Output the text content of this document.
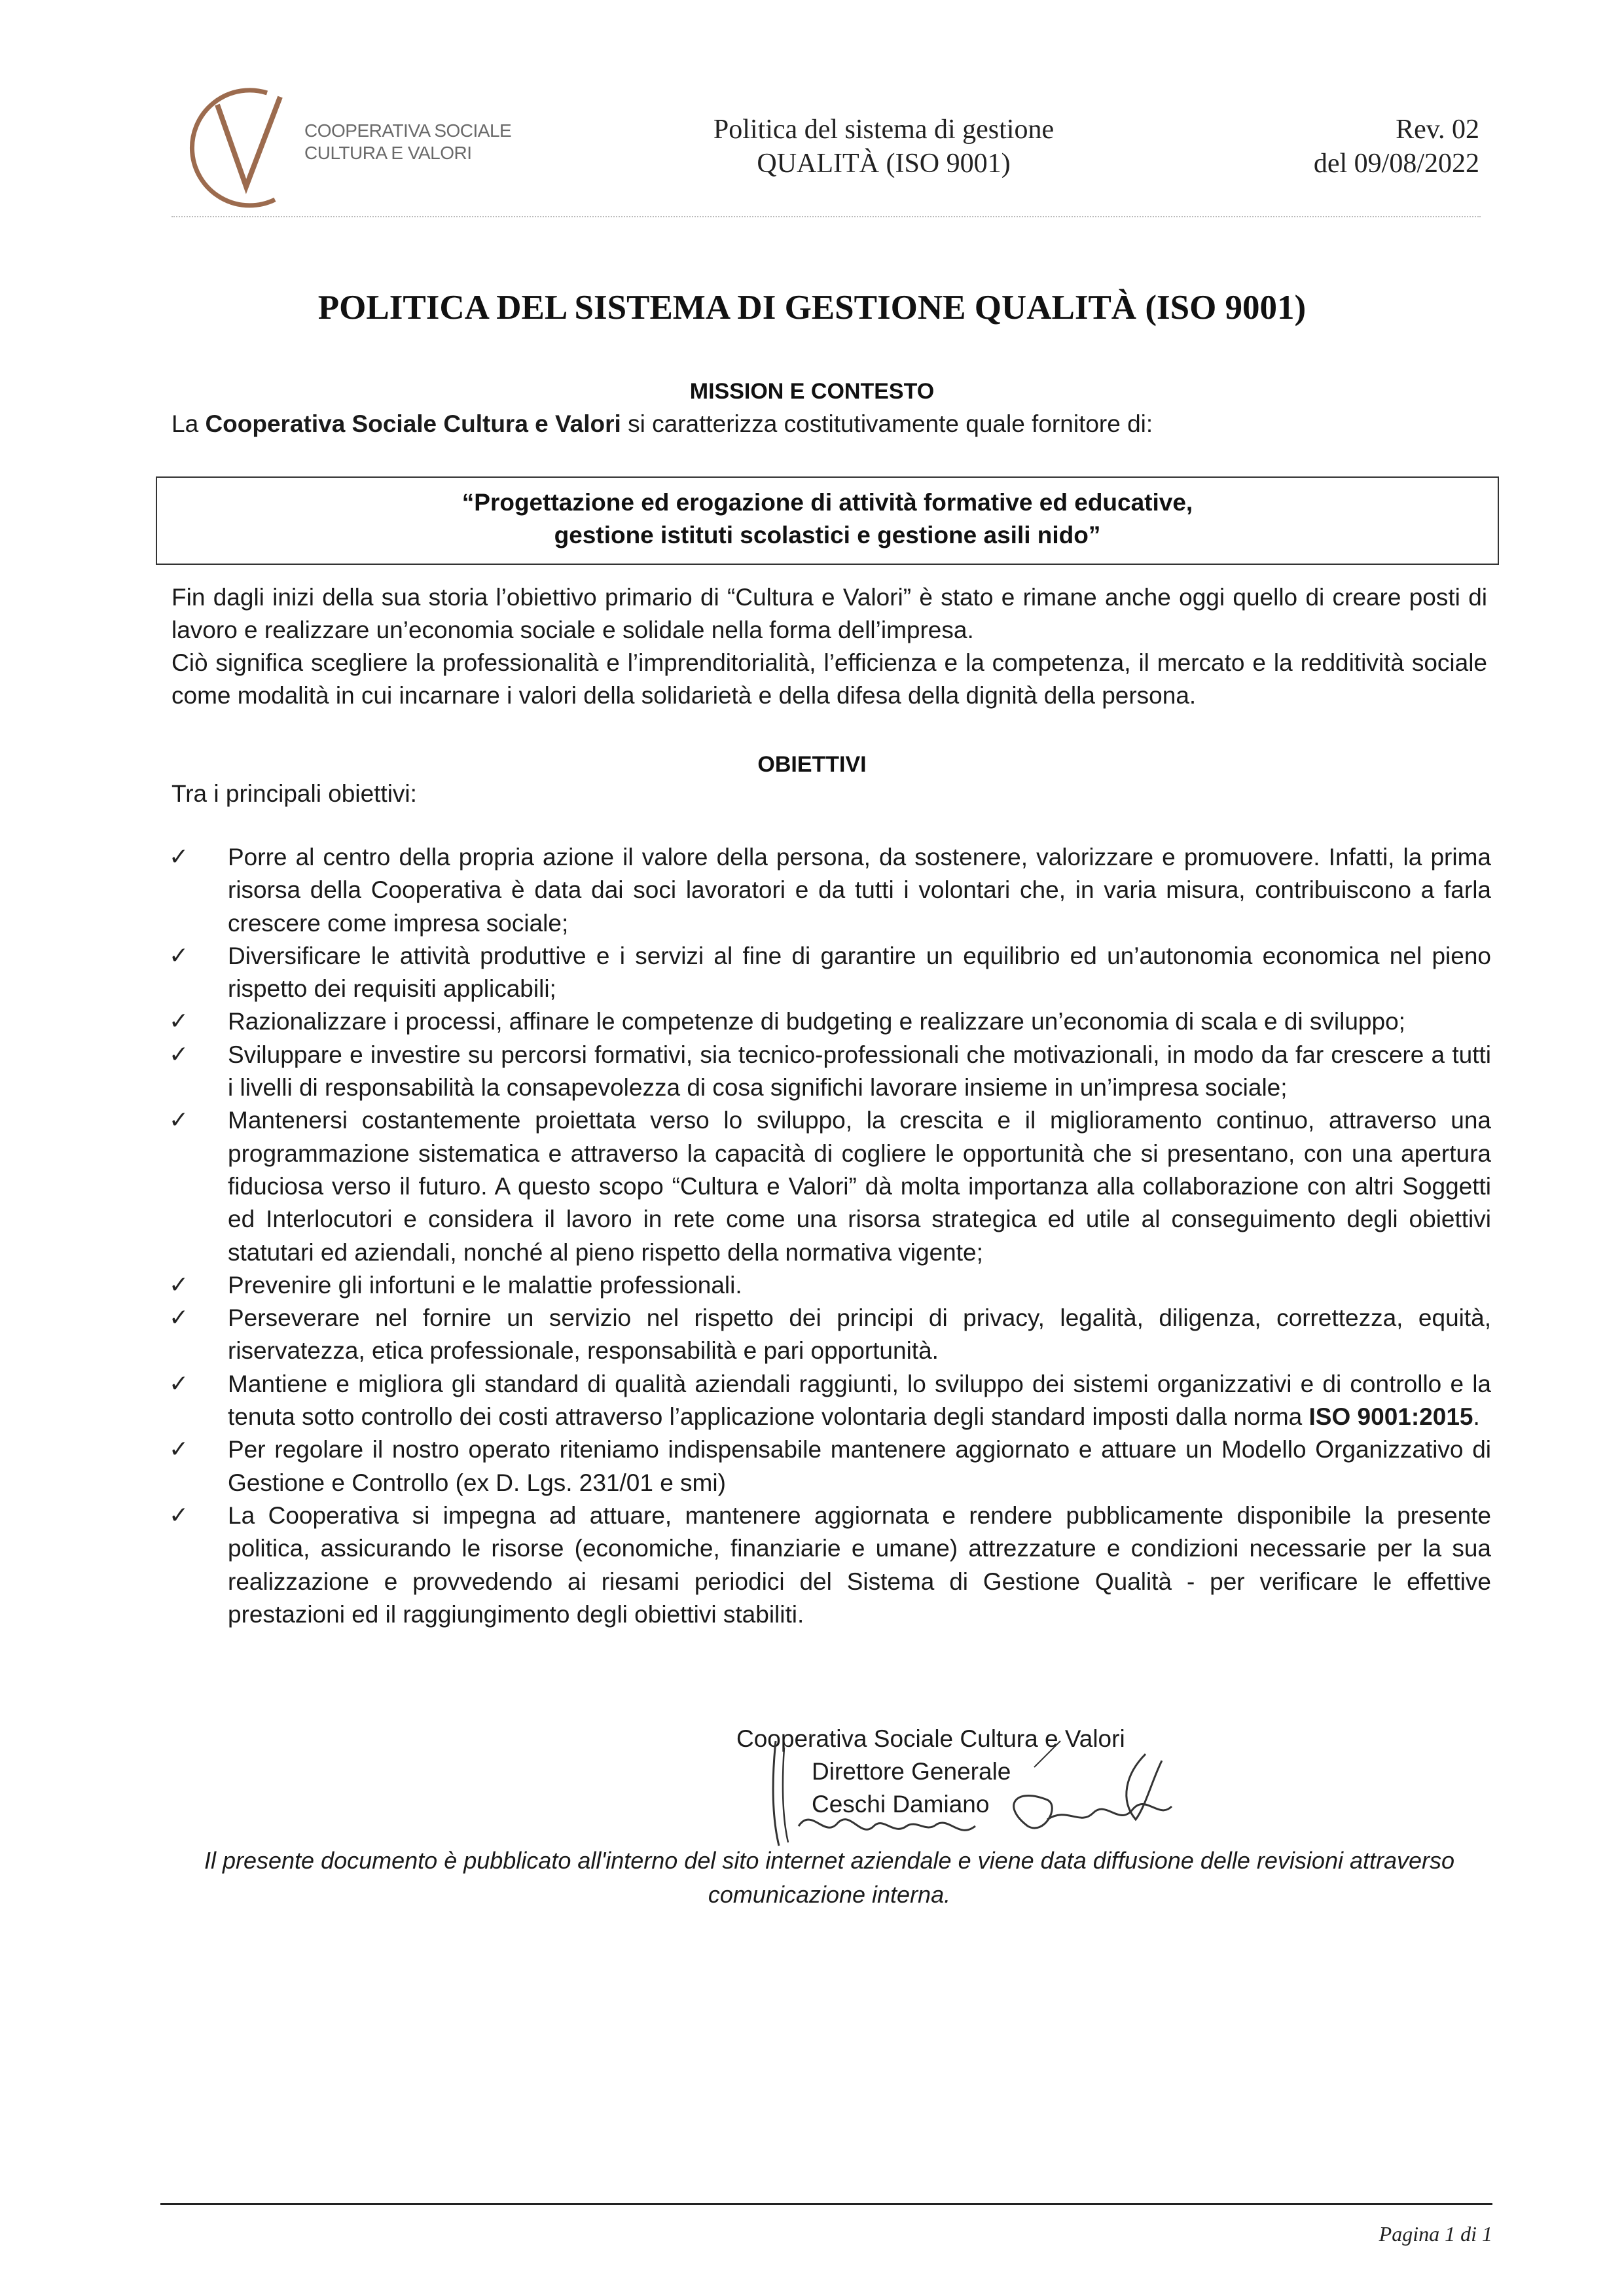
COOPERATIVA SOCIALE
CULTURA E VALORI
Politica del sistema di gestione
QUALITÀ (ISO 9001)
Rev. 02
del 09/08/2022
POLITICA DEL SISTEMA DI GESTIONE QUALITÀ (ISO 9001)
MISSION E CONTESTO
La Cooperativa Sociale Cultura e Valori si caratterizza costitutivamente quale fornitore di:
“Progettazione ed erogazione di attività formative ed educative,
gestione istituti scolastici e gestione asili nido”
Fin dagli inizi della sua storia l’obiettivo primario di “Cultura e Valori” è stato e rimane anche oggi quello di creare posti di lavoro e realizzare un’economia sociale e solidale nella forma dell’impresa.
Ciò significa scegliere la professionalità e l’imprenditorialità, l’efficienza e la competenza, il mercato e la redditività sociale come modalità in cui incarnare i valori della solidarietà e della difesa della dignità della persona.
OBIETTIVI
Tra i principali obiettivi:
✓ Porre al centro della propria azione il valore della persona, da sostenere, valorizzare e promuovere. Infatti, la prima risorsa della Cooperativa è data dai soci lavoratori e da tutti i volontari che, in varia misura, contribuiscono a farla crescere come impresa sociale;
✓ Diversificare le attività produttive e i servizi al fine di garantire un equilibrio ed un’autonomia economica nel pieno rispetto dei requisiti applicabili;
✓ Razionalizzare i processi, affinare le competenze di budgeting e realizzare un’economia di scala e di sviluppo;
✓ Sviluppare e investire su percorsi formativi, sia tecnico-professionali che motivazionali, in modo da far crescere a tutti i livelli di responsabilità la consapevolezza di cosa significhi lavorare insieme in un’impresa sociale;
✓ Mantenersi costantemente proiettata verso lo sviluppo, la crescita e il miglioramento continuo, attraverso una programmazione sistematica e attraverso la capacità di cogliere le opportunità che si presentano, con una apertura fiduciosa verso il futuro. A questo scopo “Cultura e Valori” dà molta importanza alla collaborazione con altri Soggetti ed Interlocutori e considera il lavoro in rete come una risorsa strategica ed utile al conseguimento degli obiettivi statutari ed aziendali, nonché al pieno rispetto della normativa vigente;
✓ Prevenire gli infortuni e le malattie professionali.
✓ Perseverare nel fornire un servizio nel rispetto dei principi di privacy, legalità, diligenza, correttezza, equità, riservatezza, etica professionale, responsabilità e pari opportunità.
✓ Mantiene e migliora gli standard di qualità aziendali raggiunti, lo sviluppo dei sistemi organizzativi e di controllo e la tenuta sotto controllo dei costi attraverso l’applicazione volontaria degli standard imposti dalla norma ISO 9001:2015.
✓ Per regolare il nostro operato riteniamo indispensabile mantenere aggiornato e attuare un Modello Organizzativo di Gestione e Controllo (ex D. Lgs. 231/01 e smi)
✓ La Cooperativa si impegna ad attuare, mantenere aggiornata e rendere pubblicamente disponibile la presente politica, assicurando le risorse (economiche, finanziarie e umane) attrezzature e condizioni necessarie per la sua realizzazione e provvedendo ai riesami periodici del Sistema di Gestione Qualità - per verificare le effettive prestazioni ed il raggiungimento degli obiettivi stabiliti.
Cooperativa Sociale Cultura e Valori
Direttore Generale
Ceschi Damiano
Il presente documento è pubblicato all'interno del sito internet aziendale e viene data diffusione delle revisioni attraverso comunicazione interna.
Pagina 1 di 1
